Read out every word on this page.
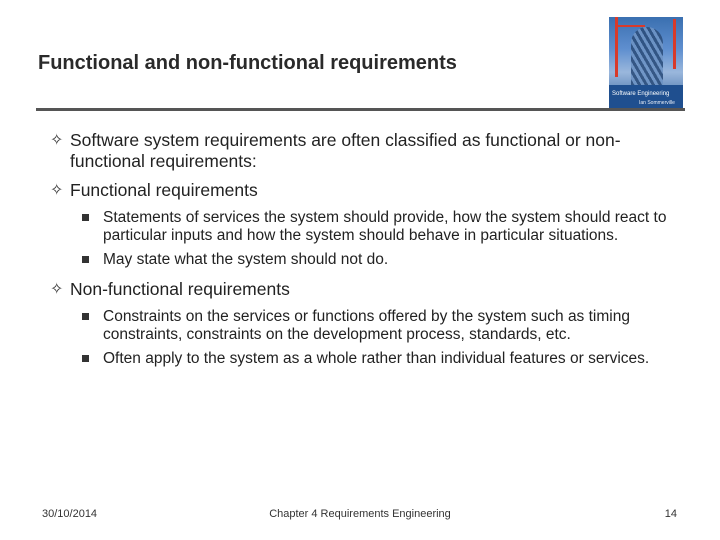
Functional and non-functional requirements
Software Engineering
Ian Sommerville
✧ Software system requirements are often classified as functional or non-functional requirements:
✧ Functional requirements
Statements of services the system should provide, how the system should react to particular inputs and how the system should behave in particular situations.
May state what the system should not do.
✧ Non-functional requirements
Constraints on the services or functions offered by the system such as timing constraints, constraints on the development process, standards, etc.
Often apply to the system as a whole rather than individual features or services.
30/10/2014	Chapter 4 Requirements Engineering	14
